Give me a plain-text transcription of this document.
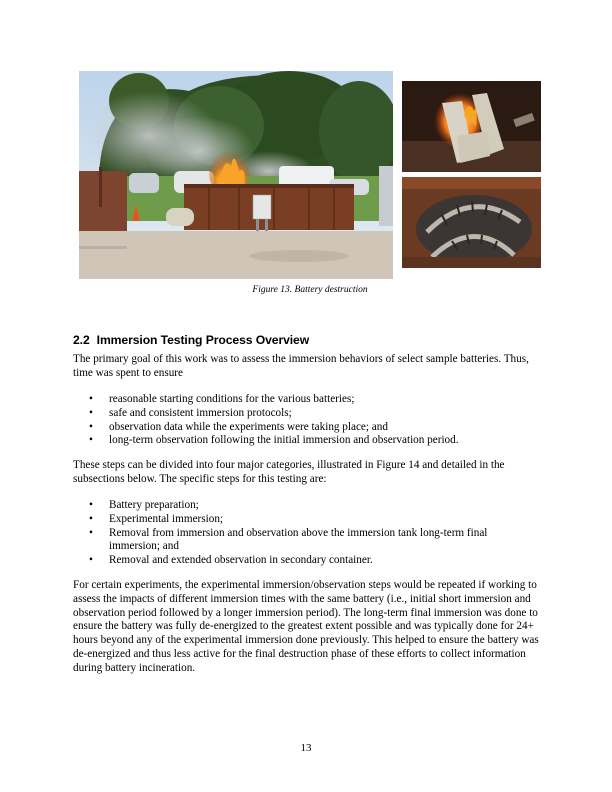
Figure 13. Battery destruction
2.2 Immersion Testing Process Overview

The primary goal of this work was to assess the immersion behaviors of select sample batteries. Thus, time was spent to ensure

• reasonable starting conditions for the various batteries;
• safe and consistent immersion protocols;
• observation data while the experiments were taking place; and
• long-term observation following the initial immersion and observation period.

These steps can be divided into four major categories, illustrated in Figure 14 and detailed in the subsections below. The specific steps for this testing are:

• Battery preparation;
• Experimental immersion;
• Removal from immersion and observation above the immersion tank long-term final immersion; and
• Removal and extended observation in secondary container.

For certain experiments, the experimental immersion/observation steps would be repeated if working to assess the impacts of different immersion times with the same battery (i.e., initial short immersion and observation period followed by a longer immersion period). The long-term final immersion was done to ensure the battery was fully de-energized to the greatest extent possible and was typically done for 24+ hours beyond any of the experimental immersion done previously. This helped to ensure the battery was de-energized and thus less active for the final destruction phase of these efforts to collect information during battery incineration.

13
